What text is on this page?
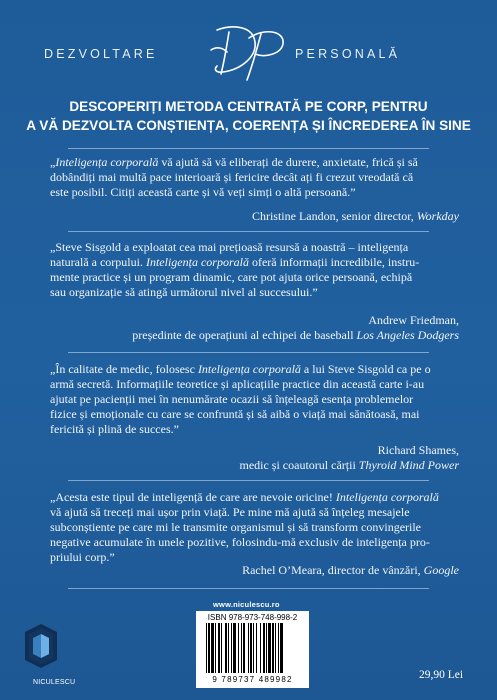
DEZVOLTARE	PERSONALĂ
DESCOPERIȚI METODA CENTRATĂ PE CORP, PENTRU
A VĂ DEZVOLTA CONȘTIENȚA, COERENȚA ȘI ÎNCREDEREA ÎN SINE
„Inteligența corporală vă ajută să vă eliberați de durere, anxietate, frică și să
dobândiți mai multă pace interioară și fericire decât ați fi crezut vreodată că
este posibil. Citiți această carte și vă veți simți o altă persoană.”
Christine Landon, senior director, Workday
„Steve Sisgold a exploatat cea mai prețioasă resursă a noastră – inteligența
naturală a corpului. Inteligența corporală oferă informații incredibile, instru-
mente practice și un program dinamic, care pot ajuta orice persoană, echipă
sau organizație să atingă următorul nivel al succesului.”
Andrew Friedman,
președinte de operațiuni al echipei de baseball Los Angeles Dodgers
„În calitate de medic, folosesc Inteligența corporală a lui Steve Sisgold ca pe o
armă secretă. Informațiile teoretice și aplicațiile practice din această carte i-au
ajutat pe pacienții mei în nenumărate ocazii să înțeleagă esența problemelor
fizice și emoționale cu care se confruntă și să aibă o viață mai sănătoasă, mai
fericită și plină de succes.”
Richard Shames,
medic și coautorul cărții Thyroid Mind Power
„Acesta este tipul de inteligență de care are nevoie oricine! Inteligența corporală
vă ajută să treceți mai ușor prin viață. Pe mine mă ajută să înțeleg mesajele
subconștiente pe care mi le transmite organismul și să transform convingerile
negative acumulate în unele pozitive, folosindu-mă exclusiv de inteligența pro-
priului corp.”
Rachel O’Meara, director de vânzări, Google
NICULESCU
www.niculescu.ro
ISBN 978-973-748-998-2
9 789737 489982	29,90 Lei
